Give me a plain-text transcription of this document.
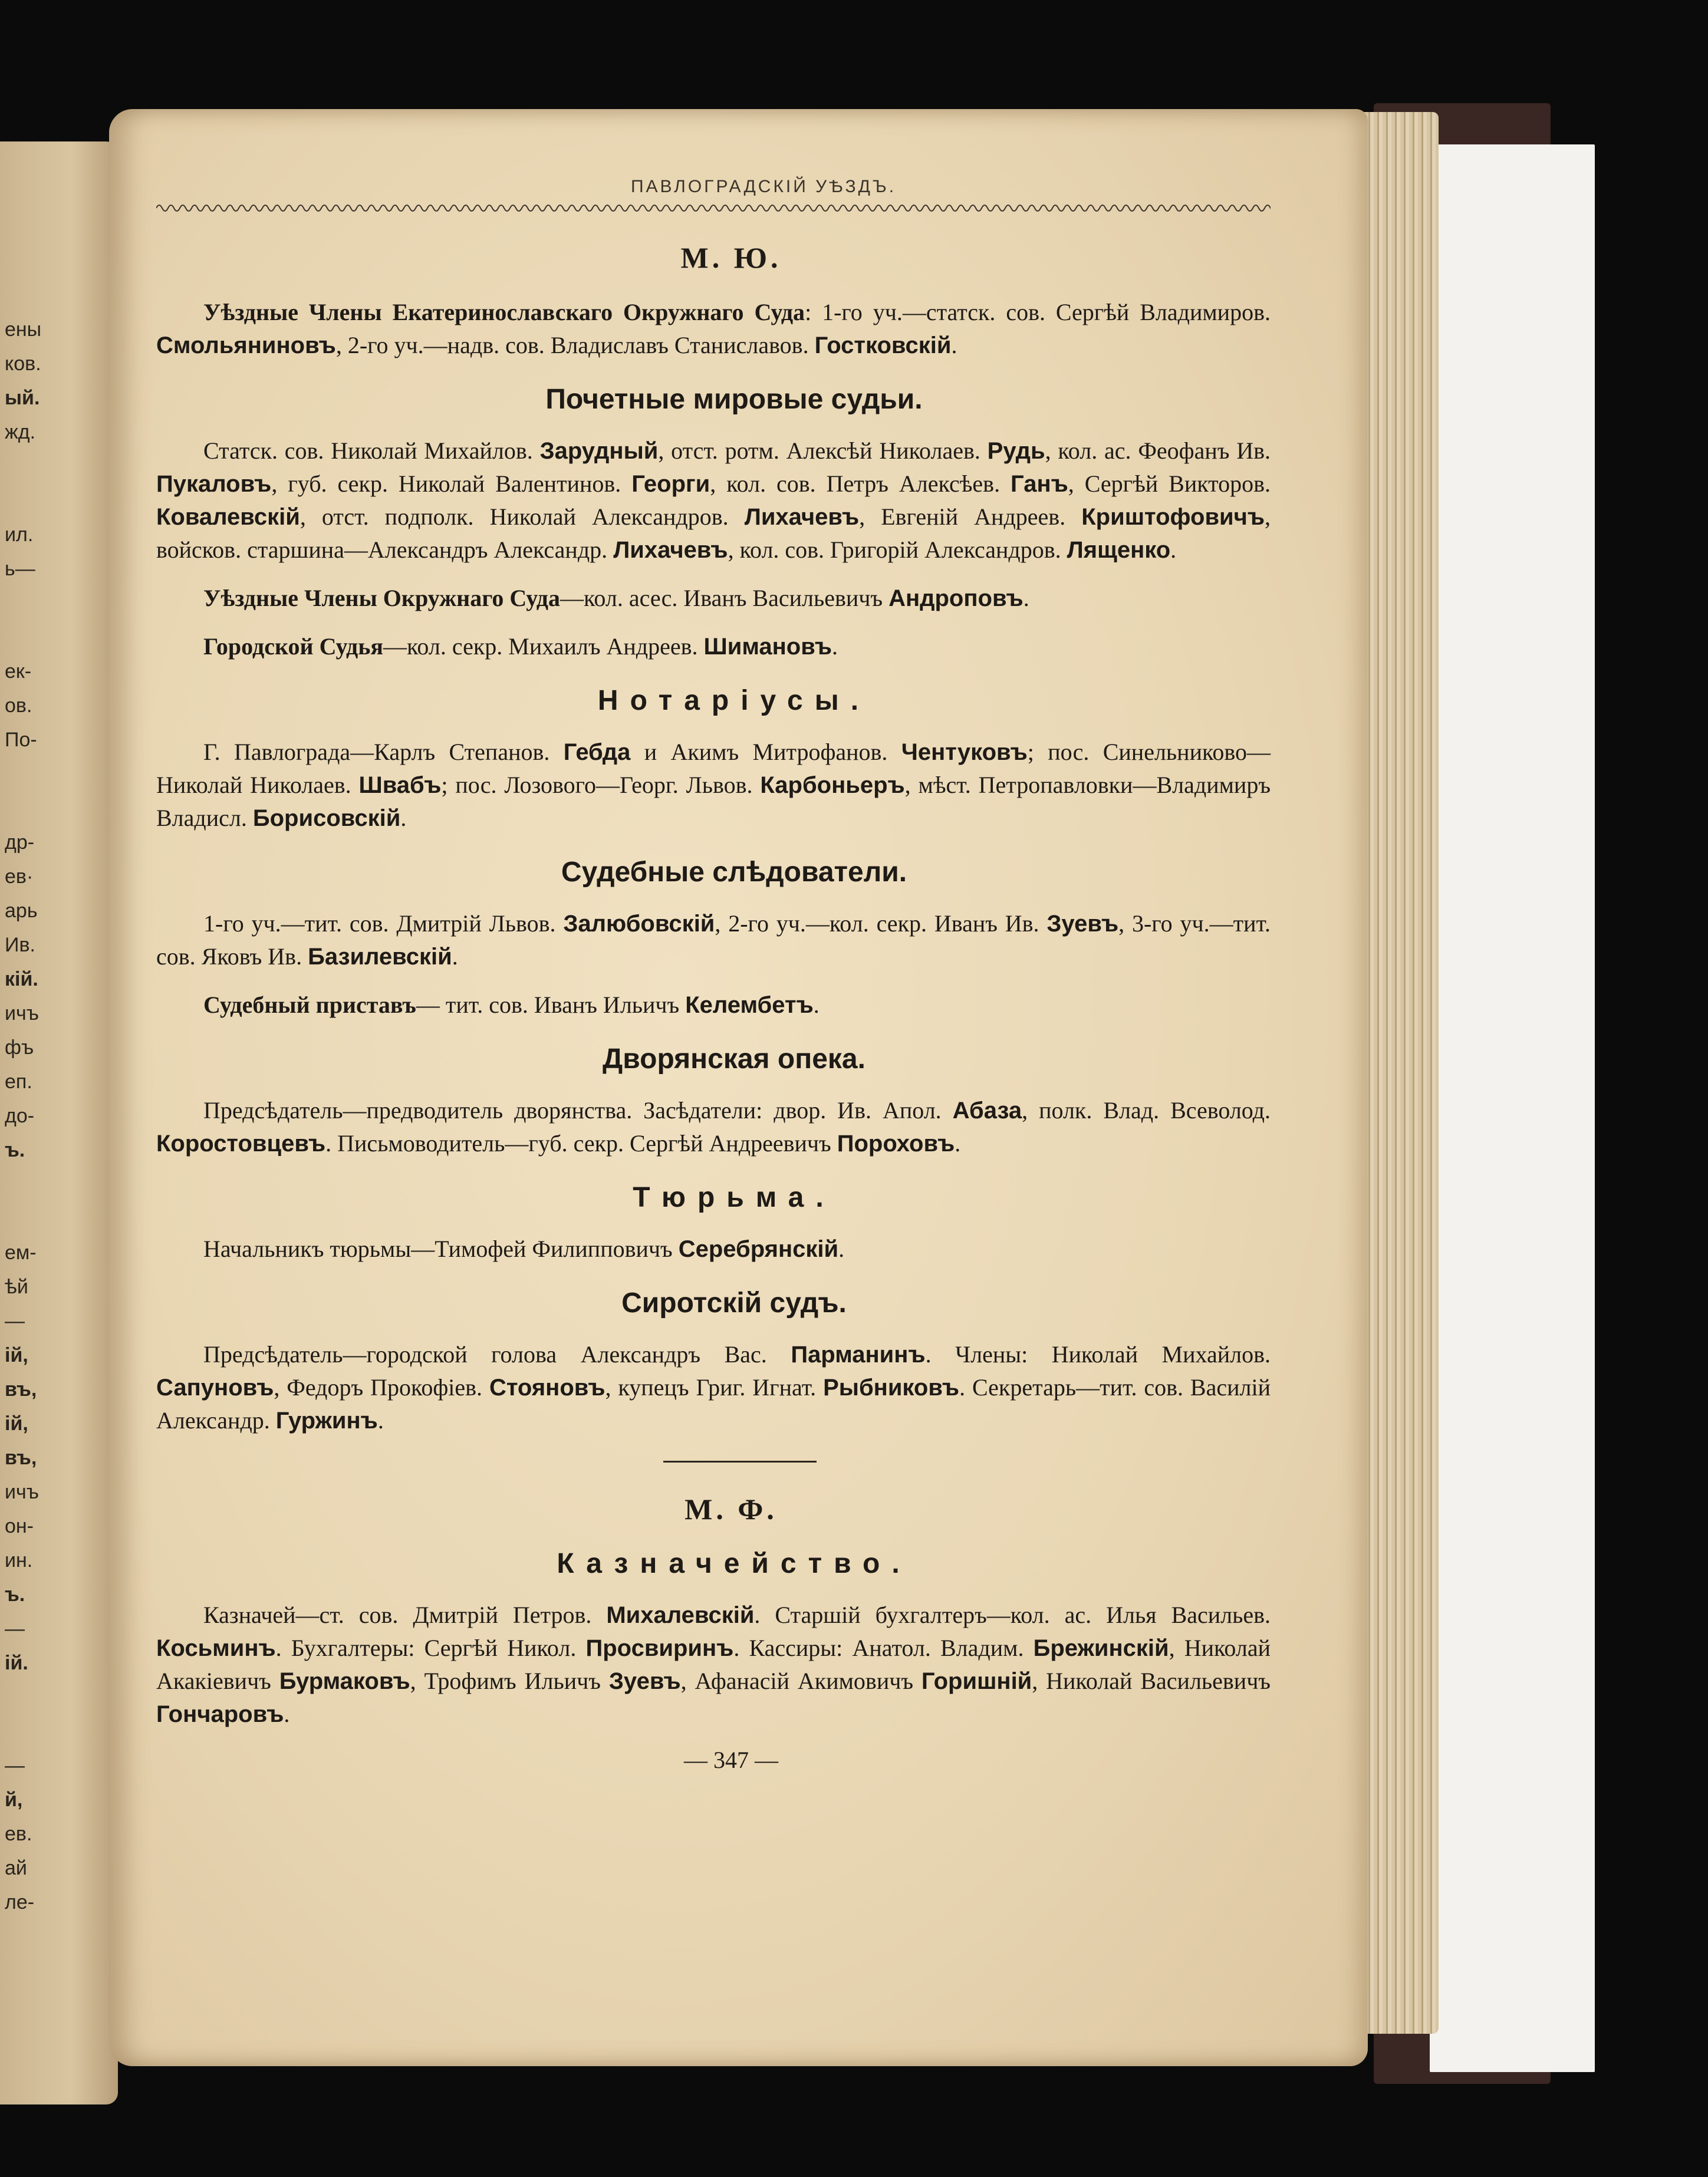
ены
ков.
ый.
жд.
ил.
ь—
ек-
ов.
По-
др-
ев·
арь
Ив.
кій.
ичъ
фъ
еп.
до-
ъ.
ем-
ѣй
—
ій,
въ,
ій,
въ,
ичъ
он-
ин.
ъ.
—
ій.
—
й,
ев.
ай
ле-
ПАВЛОГРАДСКІЙ УѢЗДЪ.
М. Ю.

Уѣздные Члены Екатеринославскаго Окружнаго Суда: 1-го уч.—статск. сов. Сергѣй Владимиров. Смольяниновъ, 2-го уч.—надв. сов. Владиславъ Станиславов. Гостковскій.

Почетные мировые судьи.

Статск. сов. Николай Михайлов. Зарудный, отст. ротм. Алексѣй Николаев. Рудь, кол. ас. Феофанъ Ив. Пукаловъ, губ. секр. Николай Валентинов. Георги, кол. сов. Петръ Алексѣев. Ганъ, Сергѣй Викторов. Ковалевскій, отст. подполк. Николай Александров. Лихачевъ, Евгеній Андреев. Криштофовичъ, войсков. старшина—Александръ Александр. Лихачевъ, кол. сов. Григорій Александров. Лященко.

Уѣздные Члены Окружнаго Суда—кол. асес. Иванъ Васильевичъ Андроповъ.

Городской Судья—кол. секр. Михаилъ Андреев. Шимановъ.

Нотаріусы.

Г. Павлограда—Карлъ Степанов. Гебда и Акимъ Митрофанов. Чентуковъ; пос. Синельниково—Николай Николаев. Швабъ; пос. Лозового—Георг. Львов. Карбоньеръ, мѣст. Петропавловки—Владимиръ Владисл. Борисовскій.

Судебные слѣдователи.

1-го уч.—тит. сов. Дмитрій Львов. Залюбовскій, 2-го уч.—кол. секр. Иванъ Ив. Зуевъ, 3-го уч.—тит. сов. Яковъ Ив. Базилевскій.

Судебный приставъ— тит. сов. Иванъ Ильичъ Келембетъ.

Дворянская опека.

Предсѣдатель—предводитель дворянства. Засѣдатели: двор. Ив. Апол. Абаза, полк. Влад. Всеволод. Коростовцевъ. Письмоводитель—губ. секр. Сергѣй Андреевичъ Пороховъ.

Тюрьма.

Начальникъ тюрьмы—Тимофей Филипповичъ Серебрянскій.

Сиротскій судъ.

Предсѣдатель—городской голова Александръ Вас. Парманинъ. Члены: Николай Михайлов. Сапуновъ, Федоръ Прокофіев. Стояновъ, купецъ Григ. Игнат. Рыбниковъ. Секретарь—тит. сов. Василій Александр. Гуржинъ.

М. Ф.
Казначейство.

Казначей—ст. сов. Дмитрій Петров. Михалевскій. Старшій бухгалтеръ—кол. ас. Илья Васильев. Косьминъ. Бухгалтеры: Сергѣй Никол. Просвиринъ. Кассиры: Анатол. Владим. Брежинскій, Николай Акакіевичъ Бурмаковъ, Трофимъ Ильичъ Зуевъ, Афанасій Акимовичъ Горишній, Николай Васильевичъ Гончаровъ.

— 347 —
